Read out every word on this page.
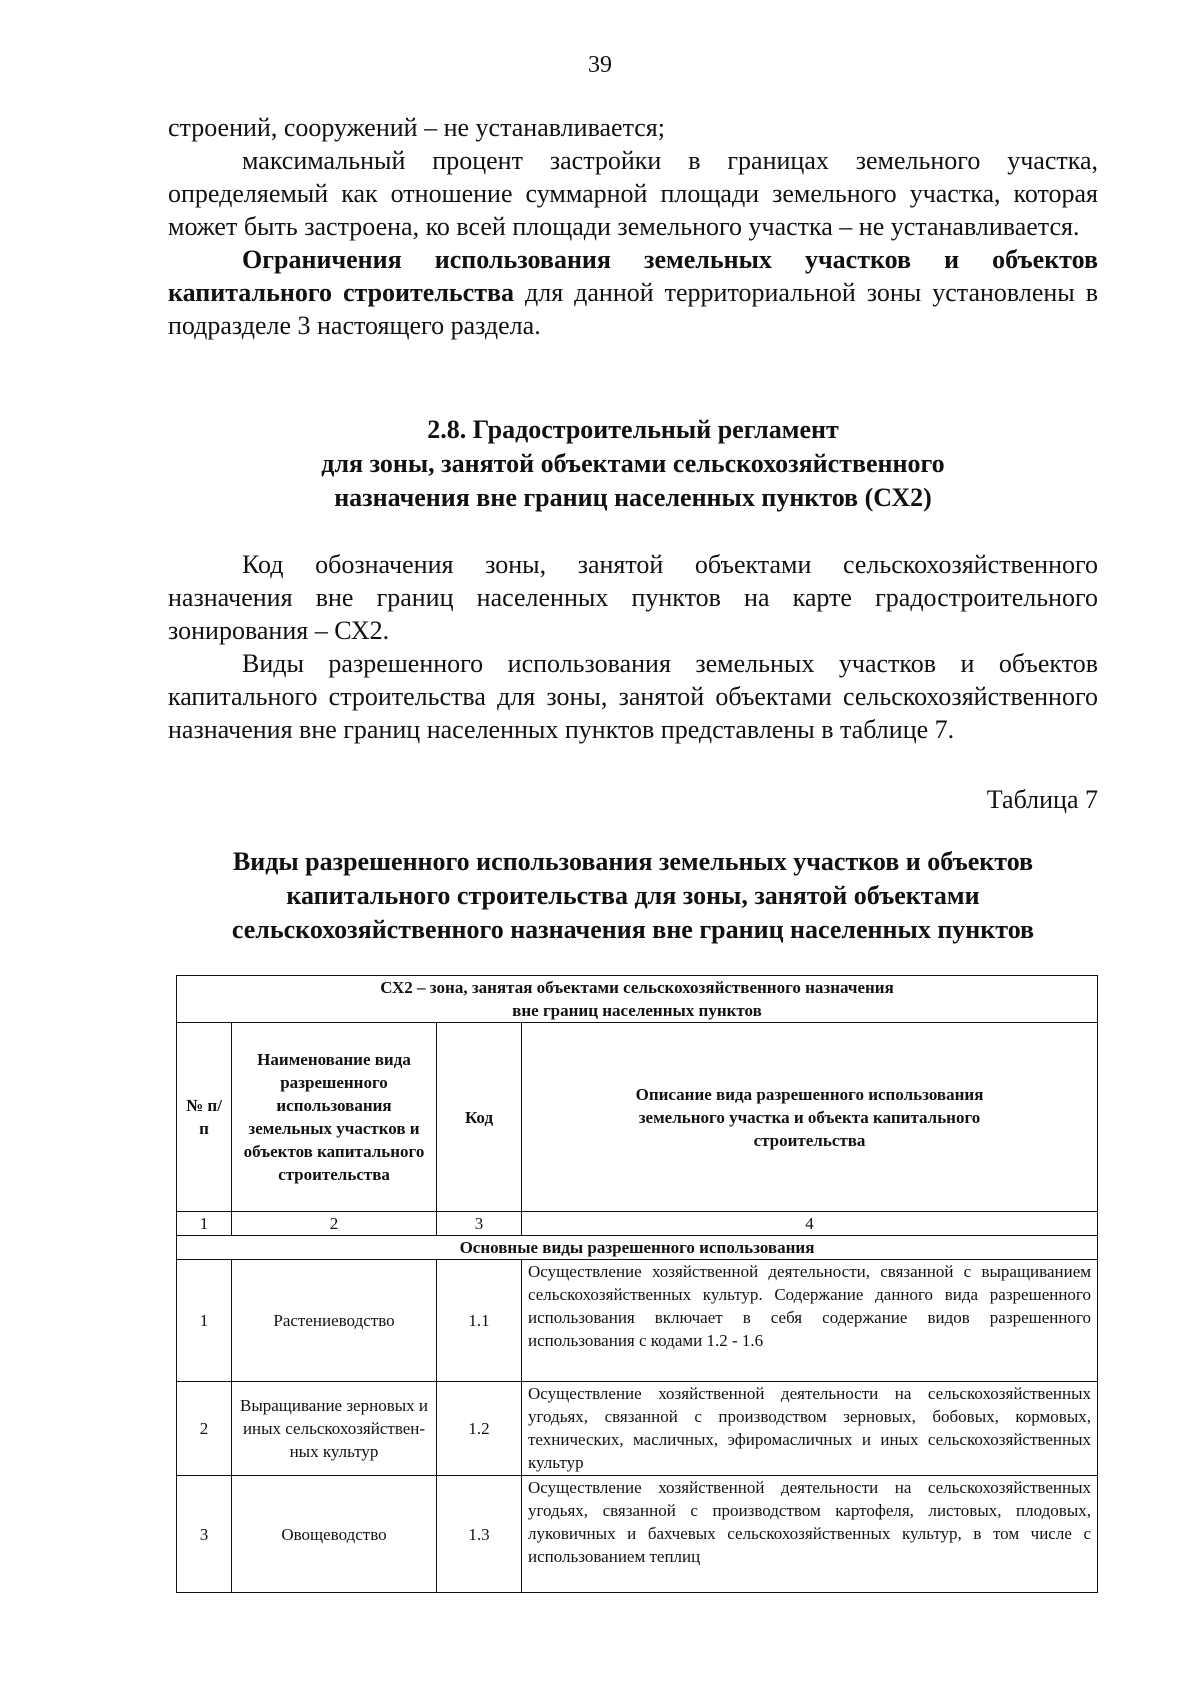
39

строений, сооружений – не устанавливается;

максимальный процент застройки в границах земельного участка, определяемый как отношение суммарной площади земельного участка, которая может быть застроена, ко всей площади земельного участка – не устанавливается.

Ограничения использования земельных участков и объектов капитального строительства для данной территориальной зоны установлены в подразделе 3 настоящего раздела.

2.8. Градостроительный регламент
для зоны, занятой объектами сельскохозяйственного
назначения вне границ населенных пунктов (СХ2)

Код обозначения зоны, занятой объектами сельскохозяйственного назначения вне границ населенных пунктов на карте градостроительного зонирования – СХ2.

Виды разрешенного использования земельных участков и объектов капитального строительства для зоны, занятой объектами сельскохозяйственного назначения вне границ населенных пунктов представлены в таблице 7.

Таблица 7
Виды разрешенного использования земельных участков и объектов
капитального строительства для зоны, занятой объектами
сельскохозяйственного назначения вне границ населенных пунктов
СХ2 – зона, занятая объектами сельскохозяйственного назначения
вне границ населенных пунктов			

№ п/п	Наименование вида разрешенного использования земельных участков и объектов капитального строительства	Код	Описание вида разрешенного использования земельного участка и объекта капитального строительства
1	2	3	4
Основные виды разрешенного использования			
1	Растениеводство	1.1	Осуществление хозяйственной деятельности, связанной с выращиванием сельскохозяйственных культур. Содержание данного вида разрешенного использования включает в себя содержание видов разрешенного использования с кодами 1.2 - 1.6
2	Выращивание зерновых и иных сельскохозяйствен-ных культур	1.2	Осуществление хозяйственной деятельности на сельскохозяйственных угодьях, связанной с производством зерновых, бобовых, кормовых, технических, масличных, эфиромасличных и иных сельскохозяйственных культур
3	Овощеводство	1.3	Осуществление хозяйственной деятельности на сельскохозяйственных угодьях, связанной с производством картофеля, листовых, плодовых, луковичных и бахчевых сельскохозяйственных культур, в том числе с использованием теплиц
